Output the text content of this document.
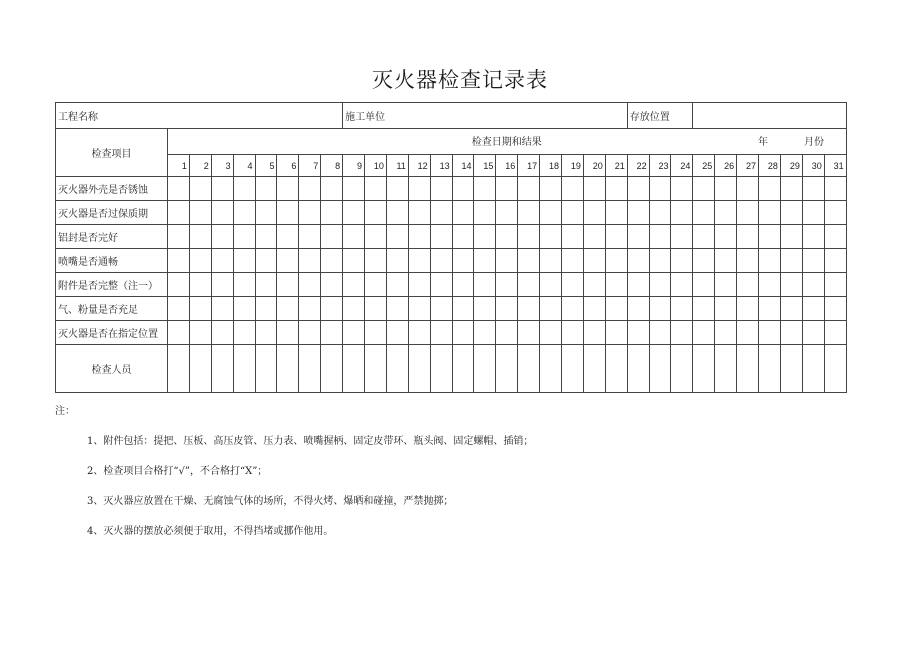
灭火器检查记录表
工程名称									施工单位													存放位置									
检查项目	检查日期和结果 年 月份																														

	1	2	3	4	5	6	7	8	9	10	11	12	13	14	15	16	17	18	19	20	21	22	23	24	25	26	27	28	29	30	31
灭火器外壳是否锈蚀																															
灭火器是否过保质期																															
铝封是否完好																															
喷嘴是否通畅																															
附件是否完整（注一）																															
气、粉量是否充足																															
灭火器是否在指定位置																															
检查人员																															
注：
1、附件包括：提把、压板、高压皮管、压力表、喷嘴握柄、固定皮带环、瓶头阀、固定螺帽、插销；
2、检查项目合格打“√”，不合格打“X”；
3、灭火器应放置在干燥、无腐蚀气体的场所，不得火烤、爆晒和碰撞，严禁抛掷；
4、灭火器的摆放必须便于取用，不得挡堵或挪作他用。
